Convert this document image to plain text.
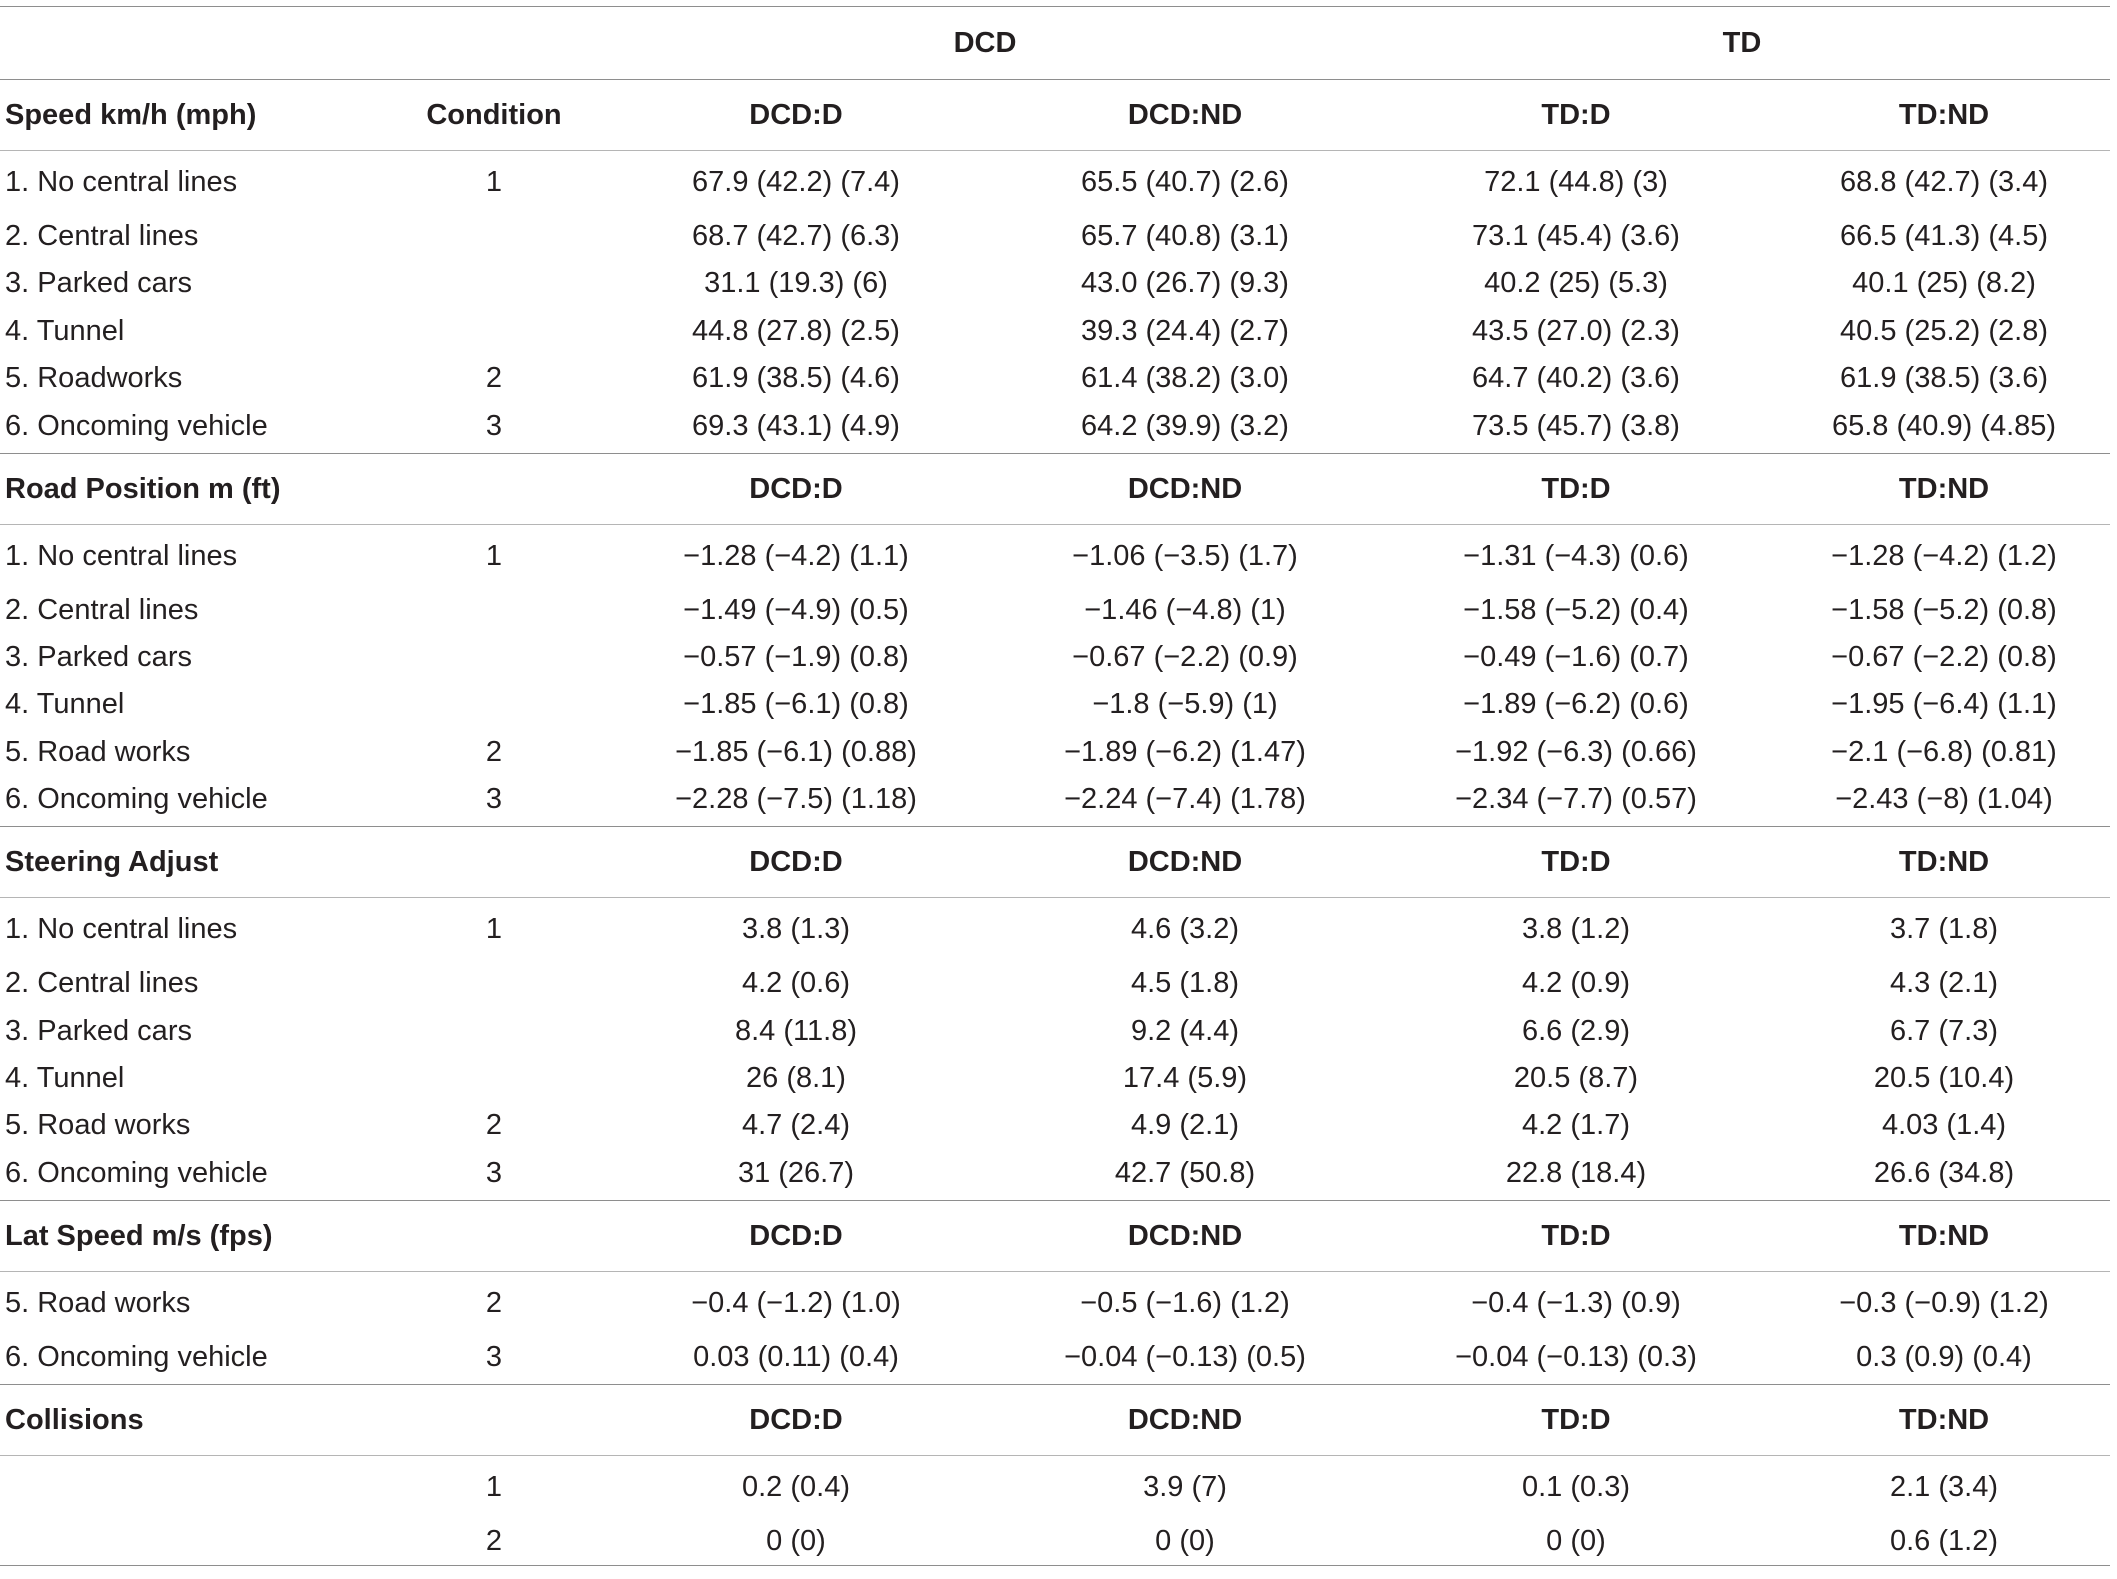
		DCD		TD	
Speed km/h (mph)	Condition	DCD:D	DCD:ND	TD:D	TD:ND
1. No central lines	1	67.9 (42.2) (7.4)	65.5 (40.7) (2.6)	72.1 (44.8) (3)	68.8 (42.7) (3.4)
2. Central lines		68.7 (42.7) (6.3)	65.7 (40.8) (3.1)	73.1 (45.4) (3.6)	66.5 (41.3) (4.5)
3. Parked cars		31.1 (19.3) (6)	43.0 (26.7) (9.3)	40.2 (25) (5.3)	40.1 (25) (8.2)
4. Tunnel		44.8 (27.8) (2.5)	39.3 (24.4) (2.7)	43.5 (27.0) (2.3)	40.5 (25.2) (2.8)
5. Roadworks	2	61.9 (38.5) (4.6)	61.4 (38.2) (3.0)	64.7 (40.2) (3.6)	61.9 (38.5) (3.6)
6. Oncoming vehicle	3	69.3 (43.1) (4.9)	64.2 (39.9) (3.2)	73.5 (45.7) (3.8)	65.8 (40.9) (4.85)
Road Position m (ft)		DCD:D	DCD:ND	TD:D	TD:ND
1. No central lines	1	−1.28 (−4.2) (1.1)	−1.06 (−3.5) (1.7)	−1.31 (−4.3) (0.6)	−1.28 (−4.2) (1.2)
2. Central lines		−1.49 (−4.9) (0.5)	−1.46 (−4.8) (1)	−1.58 (−5.2) (0.4)	−1.58 (−5.2) (0.8)
3. Parked cars		−0.57 (−1.9) (0.8)	−0.67 (−2.2) (0.9)	−0.49 (−1.6) (0.7)	−0.67 (−2.2) (0.8)
4. Tunnel		−1.85 (−6.1) (0.8)	−1.8 (−5.9) (1)	−1.89 (−6.2) (0.6)	−1.95 (−6.4) (1.1)
5. Road works	2	−1.85 (−6.1) (0.88)	−1.89 (−6.2) (1.47)	−1.92 (−6.3) (0.66)	−2.1 (−6.8) (0.81)
6. Oncoming vehicle	3	−2.28 (−7.5) (1.18)	−2.24 (−7.4) (1.78)	−2.34 (−7.7) (0.57)	−2.43 (−8) (1.04)
Steering Adjust		DCD:D	DCD:ND	TD:D	TD:ND
1. No central lines	1	3.8 (1.3)	4.6 (3.2)	3.8 (1.2)	3.7 (1.8)
2. Central lines		4.2 (0.6)	4.5 (1.8)	4.2 (0.9)	4.3 (2.1)
3. Parked cars		8.4 (11.8)	9.2 (4.4)	6.6 (2.9)	6.7 (7.3)
4. Tunnel		26 (8.1)	17.4 (5.9)	20.5 (8.7)	20.5 (10.4)
5. Road works	2	4.7 (2.4)	4.9 (2.1)	4.2 (1.7)	4.03 (1.4)
6. Oncoming vehicle	3	31 (26.7)	42.7 (50.8)	22.8 (18.4)	26.6 (34.8)
Lat Speed m/s (fps)		DCD:D	DCD:ND	TD:D	TD:ND
5. Road works	2	−0.4 (−1.2) (1.0)	−0.5 (−1.6) (1.2)	−0.4 (−1.3) (0.9)	−0.3 (−0.9) (1.2)
6. Oncoming vehicle	3	0.03 (0.11) (0.4)	−0.04 (−0.13) (0.5)	−0.04 (−0.13) (0.3)	0.3 (0.9) (0.4)
Collisions		DCD:D	DCD:ND	TD:D	TD:ND
	1	0.2 (0.4)	3.9 (7)	0.1 (0.3)	2.1 (3.4)
	2	0 (0)	0 (0)	0 (0)	0.6 (1.2)
